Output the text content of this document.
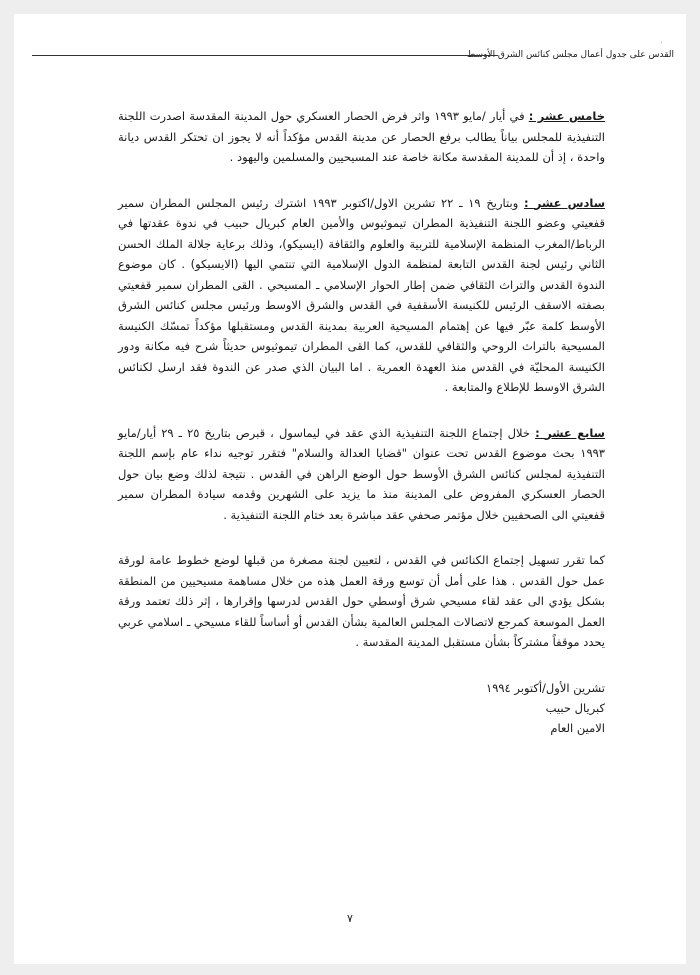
القدس على جدول أعمال مجلس كنائس الشرق الأوسط
·

خامس عشر : في أيار /مايو ١٩٩٣ واثر فرض الحصار العسكري حول المدينة المقدسة اصدرت اللجنة التنفيذية للمجلس بياناً يطالب برفع الحصار عن مدينة القدس مؤكداً أنه لا يجوز ان تحتكر القدس ديانة واحدة ، إذ أن للمدينة المقدسة مكانة خاصة عند المسيحيين والمسلمين واليهود .

سادس عشر : وبتاريخ ١٩ ـ ٢٢ تشرين الاول/اكتوبر ١٩٩٣ اشترك رئيس المجلس المطران سمير قفعيتي وعضو اللجنة التنفيذية المطران تيموثيوس والأمين العام كبريال حبيب في ندوة عقدتها في الرباط/المغرب المنظمة الإسلامية للتربية والعلوم والثقافة (ايسيكو)، وذلك برعاية جلالة الملك الحسن الثاني رئيس لجنة القدس التابعة لمنظمة الدول الإسلامية التي تنتمي اليها (الايسيكو) . كان موضوع الندوة القدس والتراث الثقافي ضمن إطار الحوار الإسلامي ـ المسيحي . القى المطران سمير قفعيتي بصفته الاسقف الرئيس للكنيسة الأسقفية في القدس والشرق الاوسط ورئيس مجلس كنائس الشرق الأوسط كلمة عبّر فيها عن إهتمام المسيحية العربية بمدينة القدس ومستقبلها مؤكداً تمسّك الكنيسة المسيحية بالتراث الروحي والثقافي للقدس، كما القى المطران تيموثيوس حديثاً شرح فيه مكانة ودور الكنيسة المحليّة في القدس منذ العهدة العمرية . اما البيان الذي صدر عن الندوة فقد ارسل لكنائس الشرق الاوسط للإطلاع والمتابعة .

سابع عشر : خلال إجتماع اللجنة التنفيذية الذي عقد في ليماسول ، قبرص بتاريخ ٢٥ ـ ٢٩ أيار/مايو ١٩٩٣ بحث موضوع القدس تحت عنوان "قضايا العدالة والسلام" فتقرر توجيه نداء عام بإسم اللجنة التنفيذية لمجلس كنائس الشرق الأوسط حول الوضع الراهن في القدس . نتيجة لذلك وضع بيان حول الحصار العسكري المفروض على المدينة منذ ما يزيد على الشهرين وقدمه سيادة المطران سمير قفعيتي الى الصحفيين خلال مؤتمر صحفي عقد مباشرة بعد ختام اللجنة التنفيذية .

كما تقرر تسهيل إجتماع الكنائس في القدس ، لتعيين لجنة مصغرة من قبلها لوضع خطوط عامة لورقة عمل حول القدس . هذا على أمل أن توسع ورقة العمل هذه من خلال مساهمة مسيحيين من المنطقة بشكل يؤدي الى عقد لقاء مسيحي شرق أوسطي حول القدس لدرسها وإقرارها ، إثر ذلك تعتمد ورقة العمل الموسعة كمرجع لاتصالات المجلس العالمية بشأن القدس أو أساساً للقاء مسيحي ـ اسلامي عربي يحدد موقفاً مشتركاً بشأن مستقبل المدينة المقدسة .

تشرين الأول/أكتوبر ١٩٩٤
كبريال حبيب
الامين العام
٧
